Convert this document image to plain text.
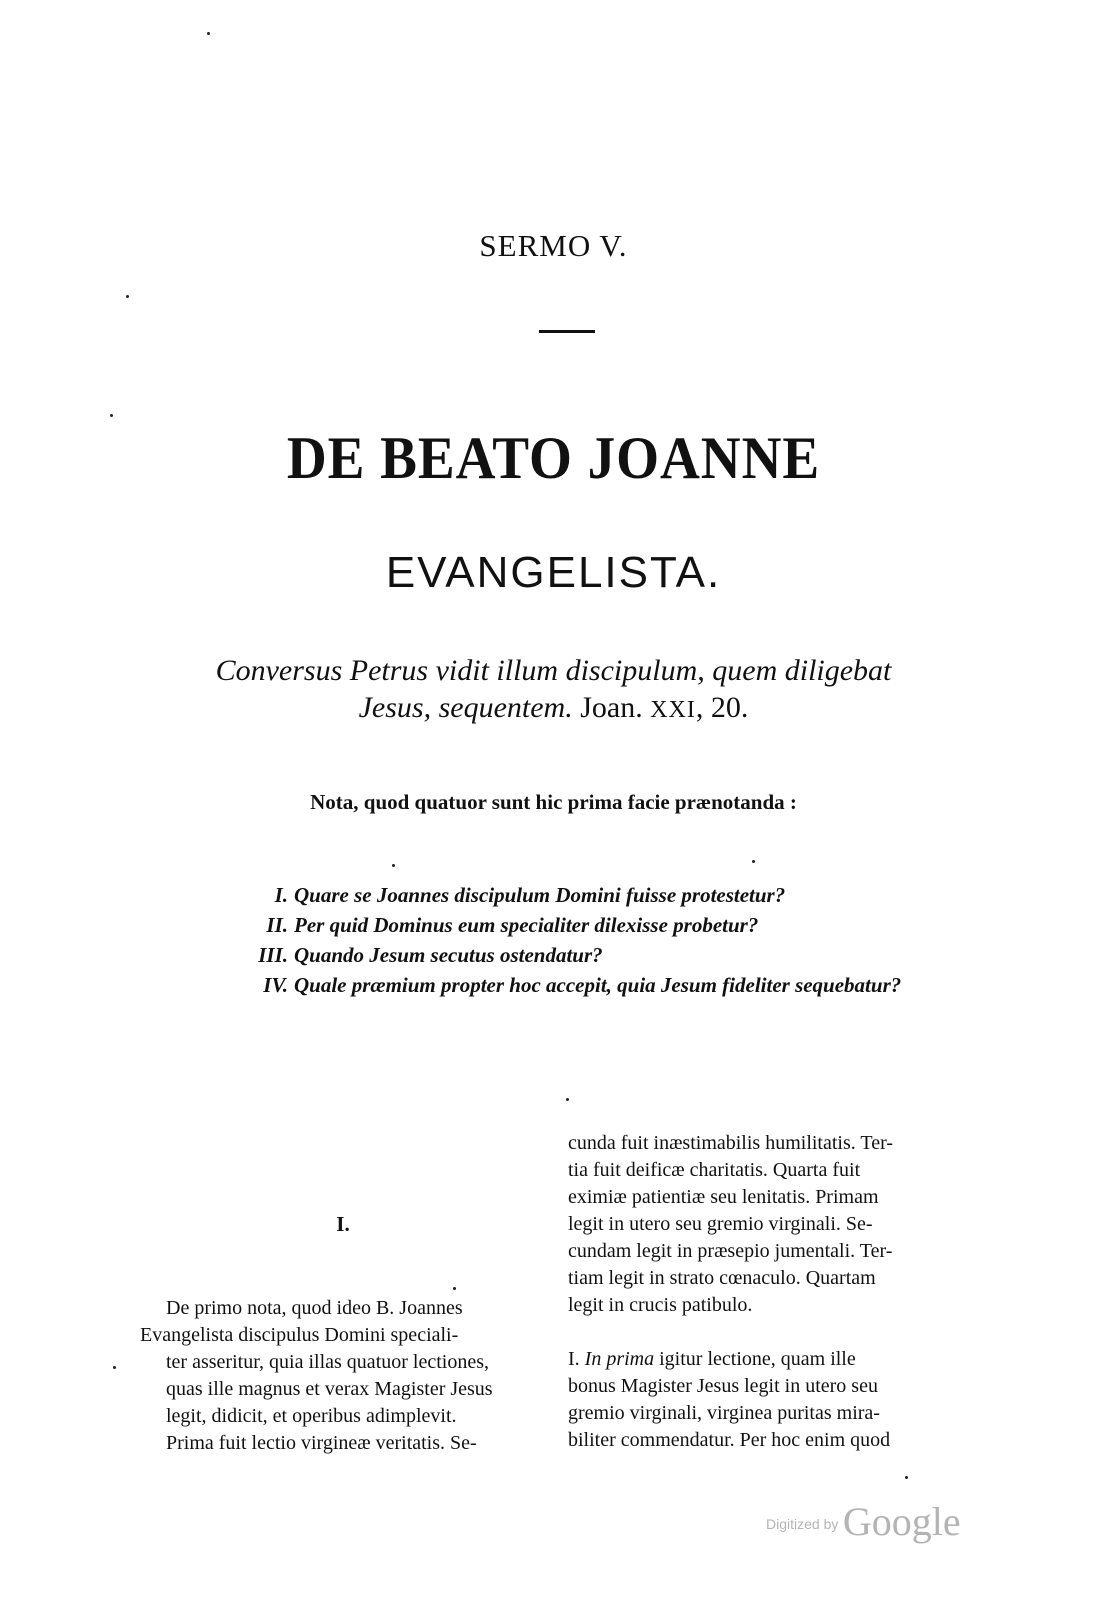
SERMO V.
DE BEATO JOANNE
EVANGELISTA.
Conversus Petrus vidit illum discipulum, quem diligebat
Jesus, sequentem. Joan. XXI, 20.
Nota, quod quatuor sunt hic prima facie prænotanda :
I. Quare se Joannes discipulum Domini fuisse protestetur?
II. Per quid Dominus eum specialiter dilexisse probetur?
III. Quando Jesum secutus ostendatur?
IV. Quale præmium propter hoc accepit, quia Jesum fideliter sequebatur?
I.

De primo nota, quod ideo B. Joannes
Evangelista discipulus Domini speciali-
ter asseritur, quia illas quatuor lectiones,
quas ille magnus et verax Magister Jesus
legit, didicit, et operibus adimplevit.
Prima fuit lectio virgineæ veritatis. Se-

cunda fuit inæstimabilis humilitatis. Ter-
tia fuit deificæ charitatis. Quarta fuit
eximiæ patientiæ seu lenitatis. Primam
legit in utero seu gremio virginali. Se-
cundam legit in præsepio jumentali. Ter-
tiam legit in strato cœnaculo. Quartam
legit in crucis patibulo.

I. In prima igitur lectione, quam ille
bonus Magister Jesus legit in utero seu
gremio virginali, virginea puritas mira-
biliter commendatur. Per hoc enim quod

Digitized by Google
